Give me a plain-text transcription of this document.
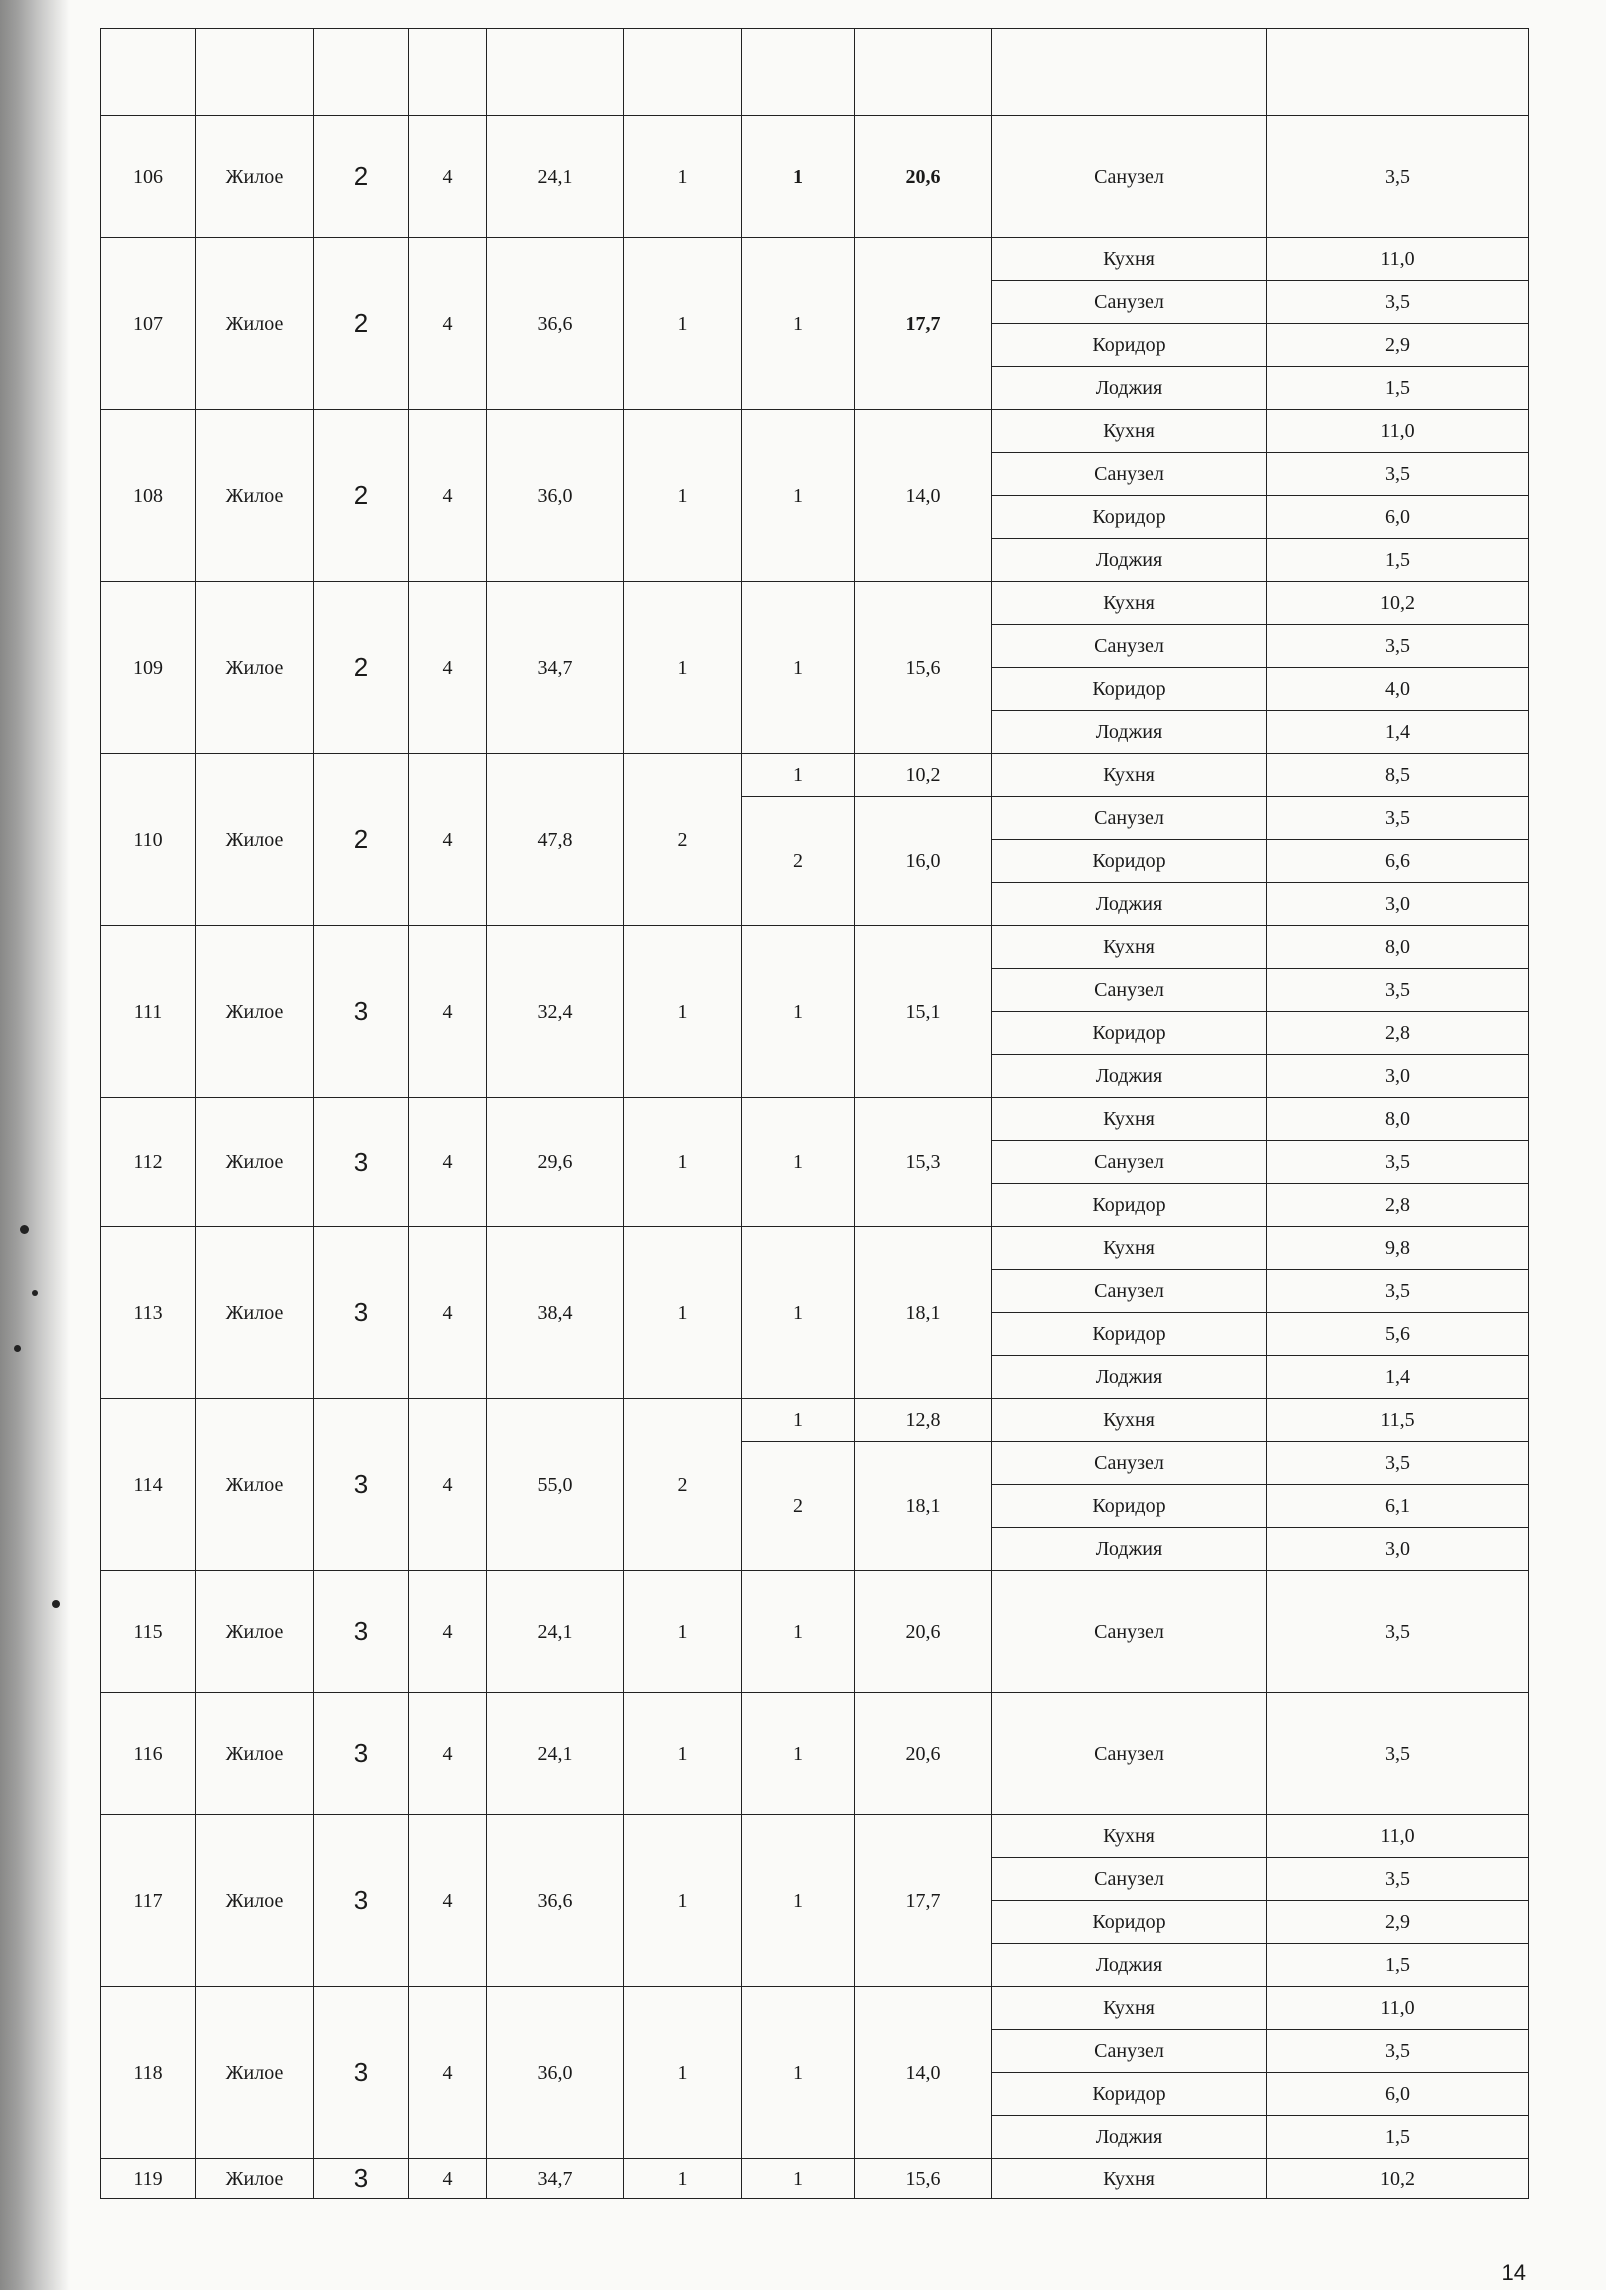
106	Жилое	2	4	24,1	1	1	20,6	Санузел	3,5
107	Жилое	2	4	36,6	1	1	17,7	Кухня	11,0
								Санузел	3,5
								Коридор	2,9
								Лоджия	1,5
108	Жилое	2	4	36,0	1	1	14,0	Кухня	11,0
								Санузел	3,5
								Коридор	6,0
								Лоджия	1,5
109	Жилое	2	4	34,7	1	1	15,6	Кухня	10,2
								Санузел	3,5
								Коридор	4,0
								Лоджия	1,4
110	Жилое	2	4	47,8	2	1	10,2	Кухня	8,5
						2	16,0	Санузел	3,5
								Коридор	6,6
								Лоджия	3,0
111	Жилое	3	4	32,4	1	1	15,1	Кухня	8,0
								Санузел	3,5
								Коридор	2,8
								Лоджия	3,0
112	Жилое	3	4	29,6	1	1	15,3	Кухня	8,0
								Санузел	3,5
								Коридор	2,8
113	Жилое	3	4	38,4	1	1	18,1	Кухня	9,8
								Санузел	3,5
								Коридор	5,6
								Лоджия	1,4
114	Жилое	3	4	55,0	2	1	12,8	Кухня	11,5
						2	18,1	Санузел	3,5
								Коридор	6,1
								Лоджия	3,0
115	Жилое	3	4	24,1	1	1	20,6	Санузел	3,5
116	Жилое	3	4	24,1	1	1	20,6	Санузел	3,5
117	Жилое	3	4	36,6	1	1	17,7	Кухня	11,0
								Санузел	3,5
								Коридор	2,9
								Лоджия	1,5
118	Жилое	3	4	36,0	1	1	14,0	Кухня	11,0
								Санузел	3,5
								Коридор	6,0
								Лоджия	1,5
119	Жилое	3	4	34,7	1	1	15,6	Кухня	10,2
14
